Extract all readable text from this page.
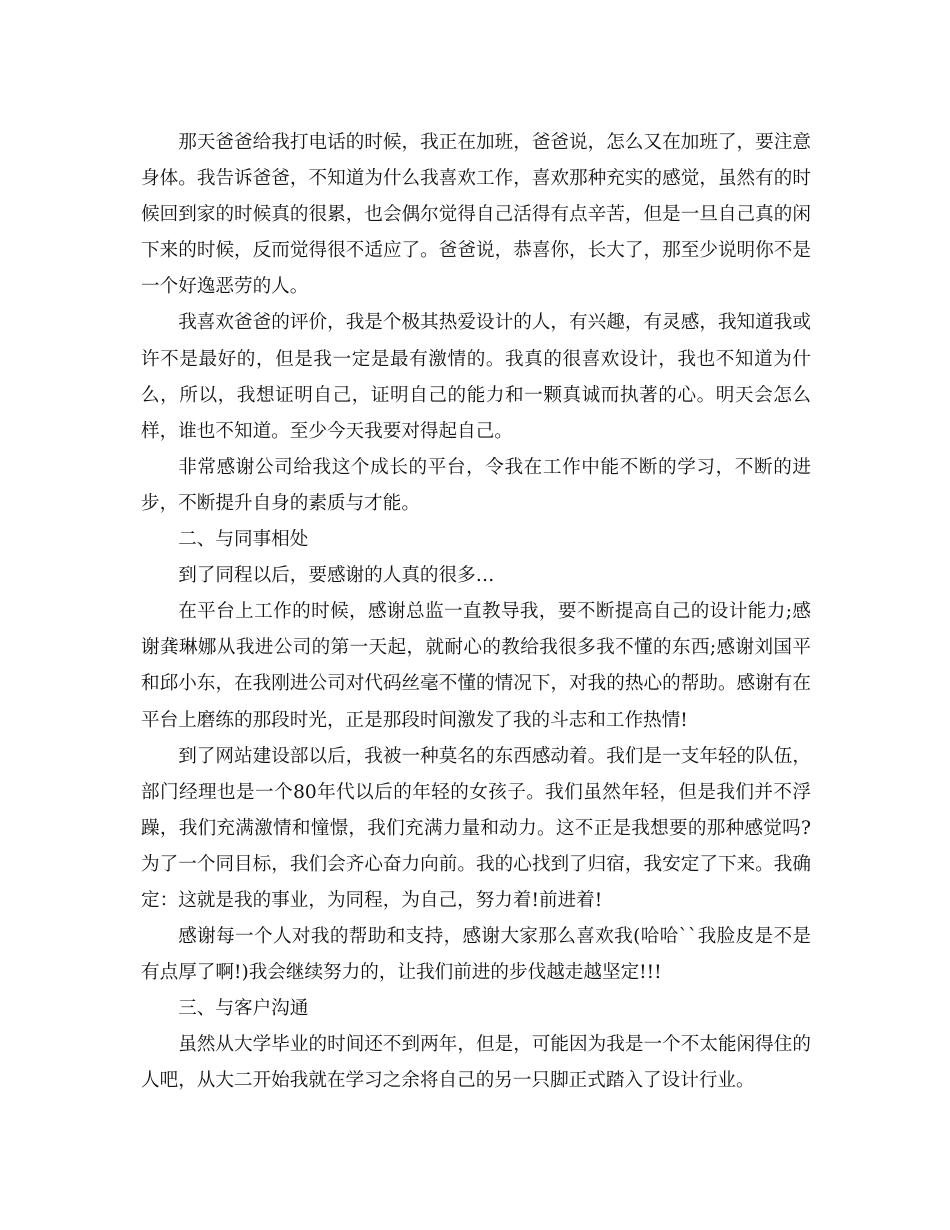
那天爸爸给我打电话的时候，我正在加班，爸爸说，怎么又在加班了，要注意身体。我告诉爸爸，不知道为什么我喜欢工作，喜欢那种充实的感觉，虽然有的时候回到家的时候真的很累，也会偶尔觉得自己活得有点辛苦，但是一旦自己真的闲下来的时候，反而觉得很不适应了。爸爸说，恭喜你，长大了，那至少说明你不是一个好逸恶劳的人。

我喜欢爸爸的评价，我是个极其热爱设计的人，有兴趣，有灵感，我知道我或许不是最好的，但是我一定是最有激情的。我真的很喜欢设计，我也不知道为什么，所以，我想证明自己，证明自己的能力和一颗真诚而执著的心。明天会怎么样，谁也不知道。至少今天我要对得起自己。

非常感谢公司给我这个成长的平台，令我在工作中能不断的学习，不断的进步，不断提升自身的素质与才能。

二、与同事相处

到了同程以后，要感谢的人真的很多…

在平台上工作的时候，感谢总监一直教导我，要不断提高自己的设计能力;感谢龚琳娜从我进公司的第一天起，就耐心的教给我很多我不懂的东西;感谢刘国平和邱小东，在我刚进公司对代码丝毫不懂的情况下，对我的热心的帮助。感谢有在平台上磨练的那段时光，正是那段时间激发了我的斗志和工作热情!

到了网站建设部以后，我被一种莫名的东西感动着。我们是一支年轻的队伍，部门经理也是一个80年代以后的年轻的女孩子。我们虽然年轻，但是我们并不浮躁，我们充满激情和憧憬，我们充满力量和动力。这不正是我想要的那种感觉吗?为了一个同目标，我们会齐心奋力向前。我的心找到了归宿，我安定了下来。我确定：这就是我的事业，为同程，为自己，努力着!前进着!

感谢每一个人对我的帮助和支持，感谢大家那么喜欢我(哈哈``我脸皮是不是有点厚了啊!)我会继续努力的，让我们前进的步伐越走越坚定!!!

三、与客户沟通

虽然从大学毕业的时间还不到两年，但是，可能因为我是一个不太能闲得住的人吧，从大二开始我就在学习之余将自己的另一只脚正式踏入了设计行业。
